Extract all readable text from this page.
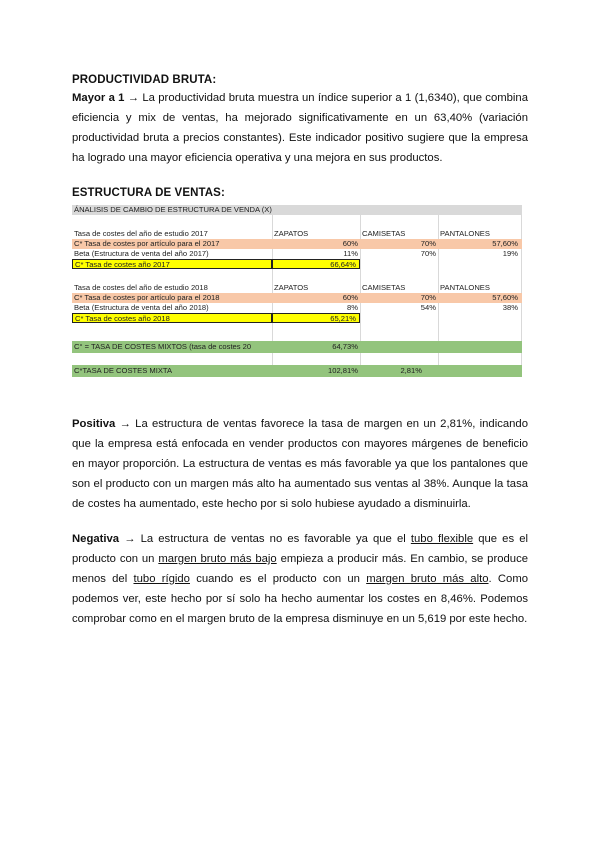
PRODUCTIVIDAD BRUTA:
Mayor a 1 → La productividad bruta muestra un índice superior a 1 (1,6340), que combina eficiencia y mix de ventas, ha mejorado significativamente en un 63,40% (variación productividad bruta a precios constantes). Este indicador positivo sugiere que la empresa ha logrado una mayor eficiencia operativa y una mejora en sus productos.
ESTRUCTURA DE VENTAS:
ÁNALISIS DE CAMBIO DE ESTRUCTURA DE VENDA (X)
Tasa de costes del año de estudio 2017	ZAPATOS	CAMISETAS	PANTALONES
C* Tasa de costes por artículo para el 2017	60%	70%	57,60%
Beta (Estructura de venta del año 2017)	11%	70%	19%
C* Tasa de costes año 2017	66,64%
Tasa de costes del año de estudio 2018	ZAPATOS	CAMISETAS	PANTALONES
C* Tasa de costes por artículo para el 2018	60%	70%	57,60%
Beta (Estructura de venta del año 2018)	8%	54%	38%
C* Tasa de costes año 2018	65,21%
C° = TASA DE COSTES MIXTOS (tasa de costes 20	64,73%
C*TASA DE COSTES MIXTA	102,81%	2,81%
Positiva → La estructura de ventas favorece la tasa de margen en un 2,81%, indicando que la empresa está enfocada en vender productos con mayores márgenes de beneficio en mayor proporción. La estructura de ventas es más favorable ya que los pantalones que son el producto con un margen más alto ha aumentado sus ventas al 38%. Aunque la tasa de costes ha aumentado, este hecho por si solo hubiese ayudado a disminuirla.
Negativa → La estructura de ventas no es favorable ya que el tubo flexible que es el producto con un margen bruto más bajo empieza a producir más. En cambio, se produce menos del tubo rígido cuando es el producto con un margen bruto más alto. Como podemos ver, este hecho por sí solo ha hecho aumentar los costes en 8,46%. Podemos comprobar como en el margen bruto de la empresa disminuye en un 5,619 por este hecho.
